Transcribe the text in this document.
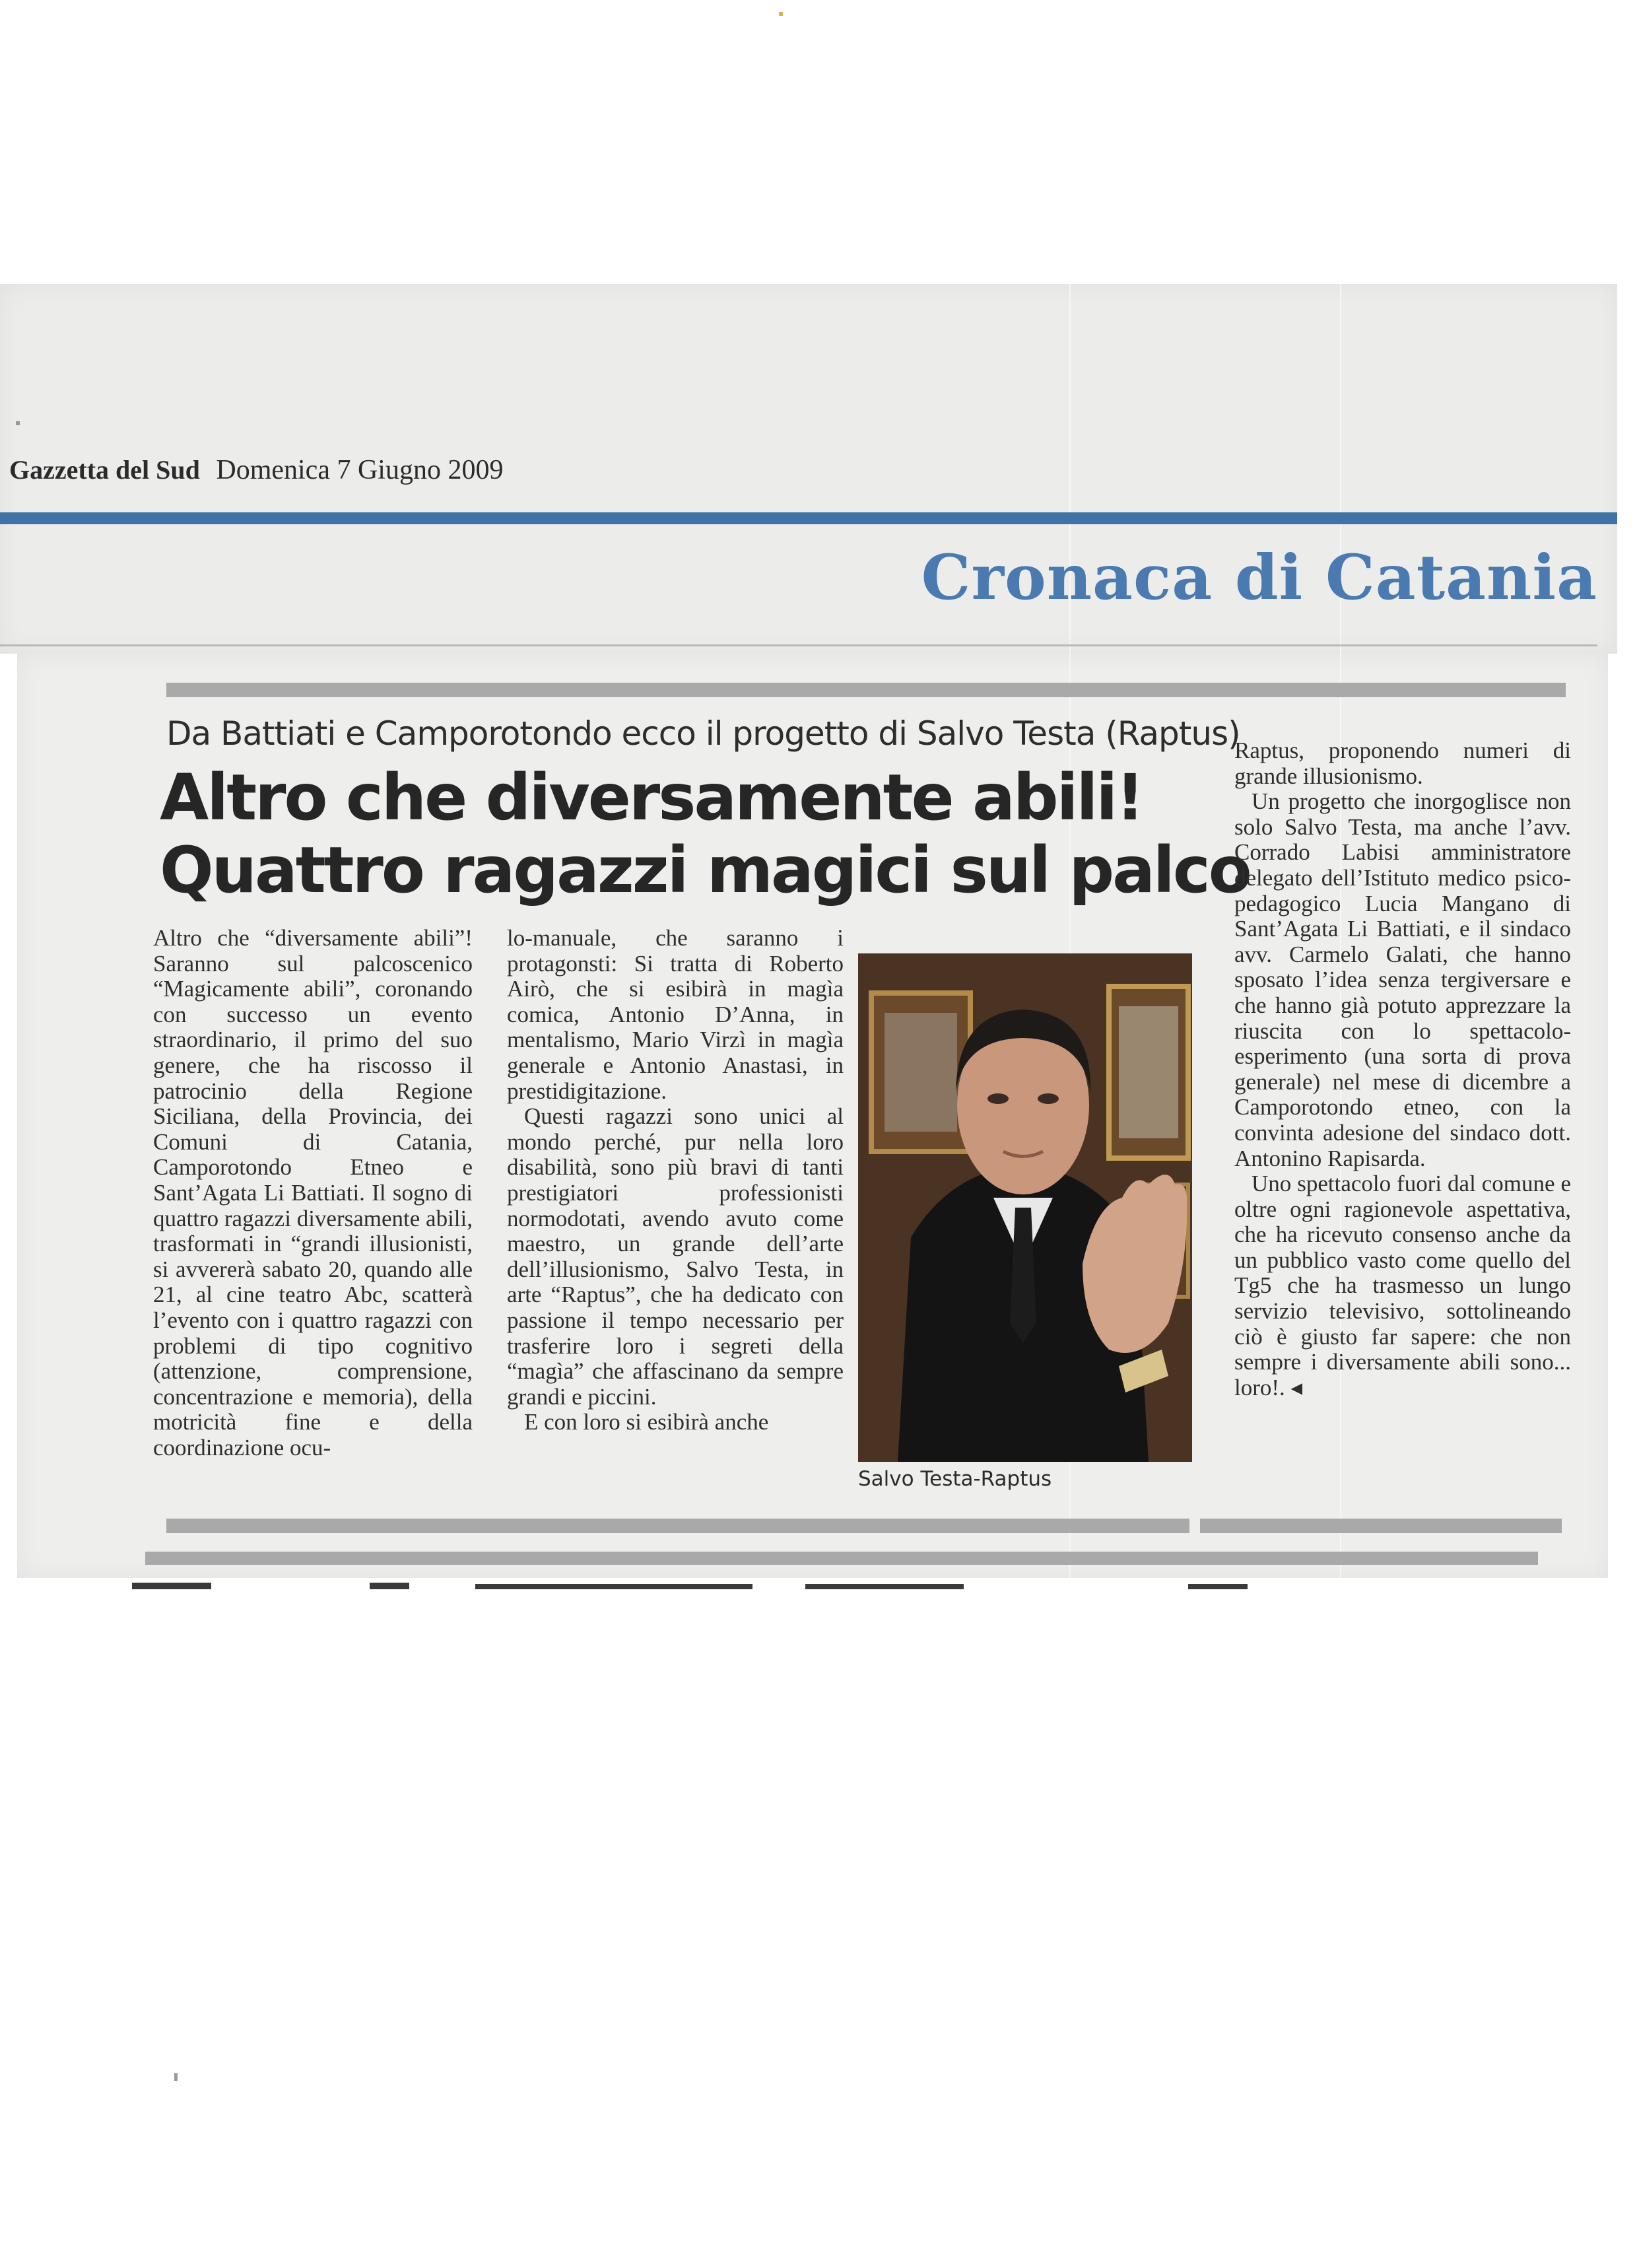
Gazzetta del Sud Domenica 7 Giugno 2009
Cronaca di Catania
Da Battiati e Camporotondo ecco il progetto di Salvo Testa (Raptus)
Altro che diversamente abili!
Quattro ragazzi magici sul palco

Altro che “diversamente abili”! Saranno sul palcoscenico “Magicamente abili”, coronando con successo un evento straordinario, il primo del suo genere, che ha riscosso il patrocinio della Regione Siciliana, della Provincia, dei Comuni di Catania, Camporotondo Etneo e Sant’Agata Li Battiati. Il sogno di quattro ragazzi diversamente abili, trasformati in “grandi illusionisti, si avvererà sabato 20, quando alle 21, al cine teatro Abc, scatterà l’evento con i quattro ragazzi con problemi di tipo cognitivo (attenzione, comprensione, concentrazione e memoria), della motricità fine e della coordinazione ocu-

lo-manuale, che saranno i protagonsti: Si tratta di Roberto Airò, che si esibirà in magìa comica, Antonio D’Anna, in mentalismo, Mario Virzì in magìa generale e Antonio Anastasi, in prestidigitazione.

Questi ragazzi sono unici al mondo perché, pur nella loro disabilità, sono più bravi di tanti prestigiatori professionisti normodotati, avendo avuto come maestro, un grande dell’arte dell’illusionismo, Salvo Testa, in arte “Raptus”, che ha dedicato con passione il tempo necessario per trasferire loro i segreti della “magìa” che affascinano da sempre grandi e piccini.

E con loro si esibirà anche

Salvo Testa-Raptus

Raptus, proponendo numeri di grande illusionismo.

Un progetto che inorgoglisce non solo Salvo Testa, ma anche l’avv. Corrado Labisi amministratore delegato dell’Istituto medico psico-pedagogico Lucia Mangano di Sant’Agata Li Battiati, e il sindaco avv. Carmelo Galati, che hanno sposato l’idea senza tergiversare e che hanno già potuto apprezzare la riuscita con lo spettacolo-esperimento (una sorta di prova generale) nel mese di dicembre a Camporotondo etneo, con la convinta adesione del sindaco dott. Antonino Rapisarda.

Uno spettacolo fuori dal comune e oltre ogni ragionevole aspettativa, che ha ricevuto consenso anche da un pubblico vasto come quello del Tg5 che ha trasmesso un lungo servizio televisivo, sottolineando ciò è giusto far sapere: che non sempre i diversamente abili sono... loro!. ◂
